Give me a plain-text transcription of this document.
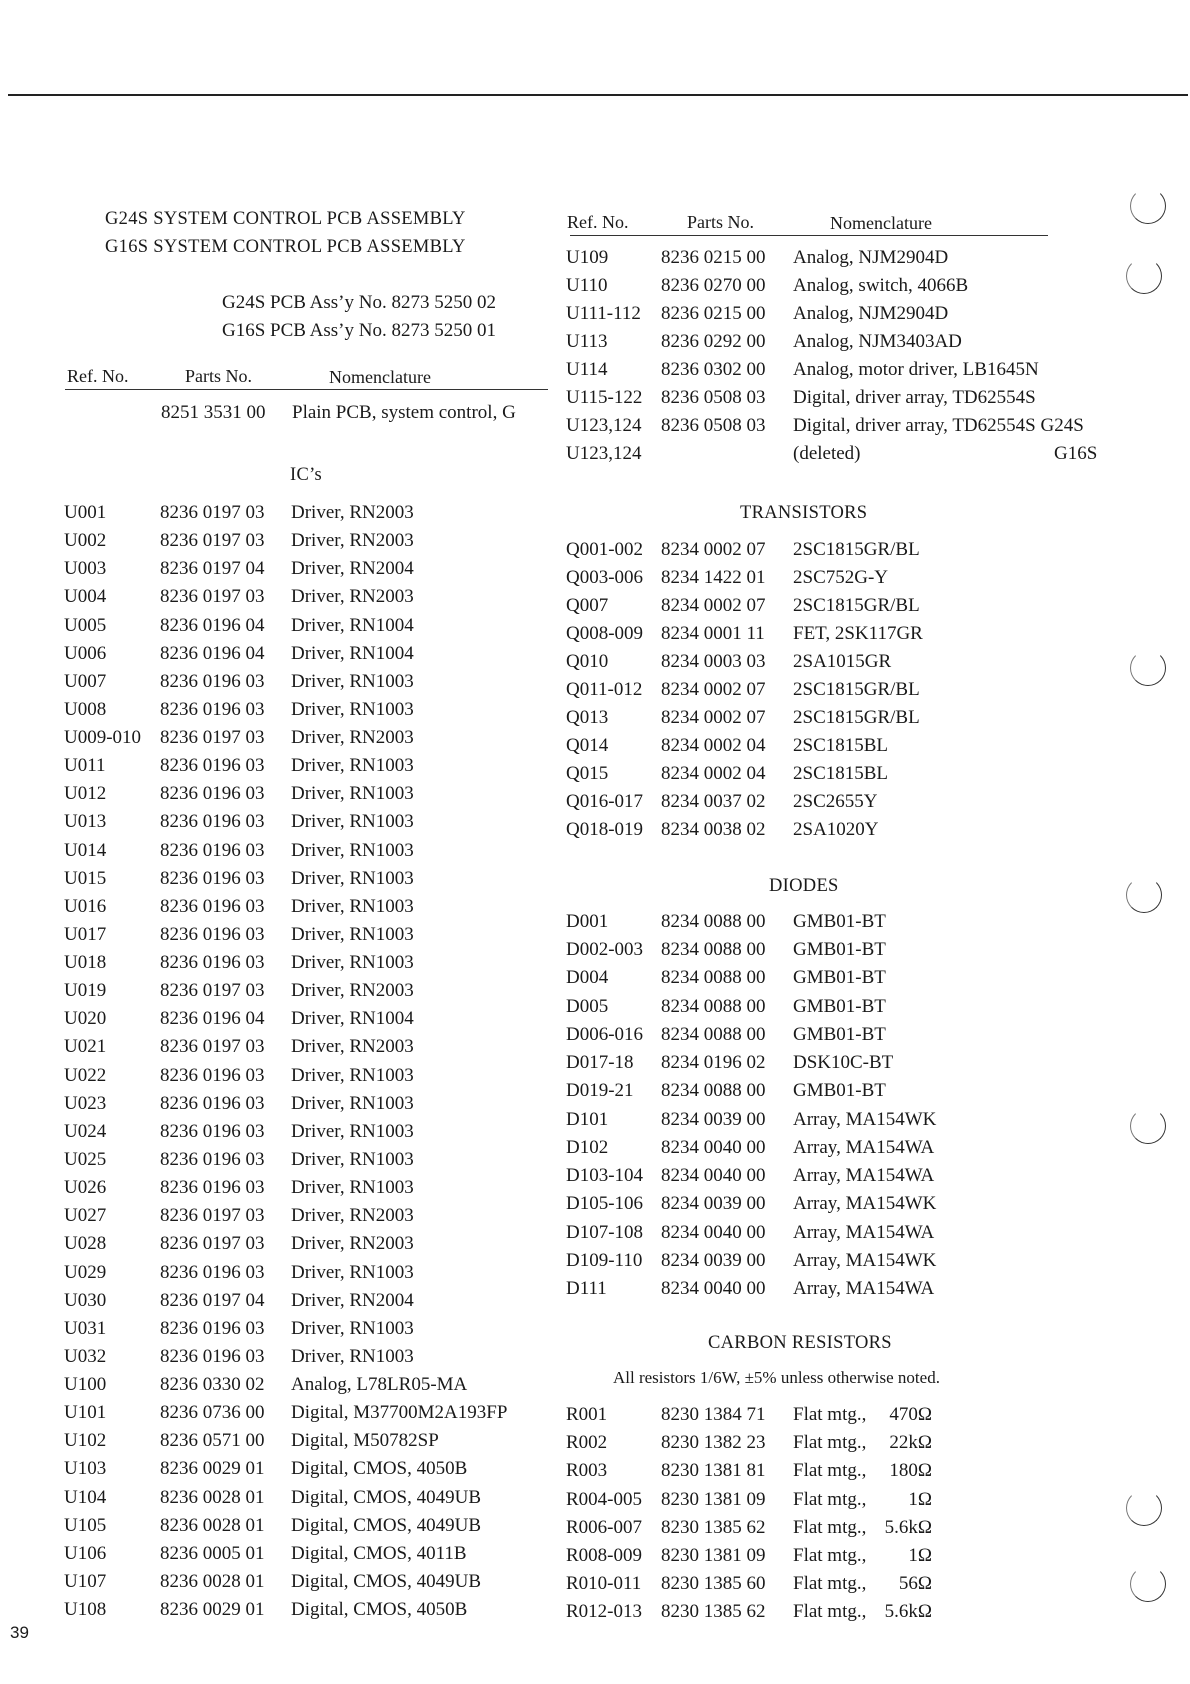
G24S SYSTEM CONTROL PCB ASSEMBLY
G16S SYSTEM CONTROL PCB ASSEMBLY
G24S PCB Ass’y No. 8273 5250 02
G16S PCB Ass’y No. 8273 5250 01
Ref. No.	Parts No.	Nomenclature
8251 3531 00 Plain PCB, system control, G
IC’s
U001	8236 0197 03 Driver, RN2003
U002	8236 0197 03 Driver, RN2003
U003	8236 0197 04 Driver, RN2004
U004	8236 0197 03 Driver, RN2003
U005	8236 0196 04 Driver, RN1004
U006	8236 0196 04 Driver, RN1004
U007	8236 0196 03 Driver, RN1003
U008	8236 0196 03 Driver, RN1003
U009-010 8236 0197 03 Driver, RN2003
U011	8236 0196 03 Driver, RN1003
U012	8236 0196 03 Driver, RN1003
U013	8236 0196 03 Driver, RN1003
U014	8236 0196 03 Driver, RN1003
U015	8236 0196 03 Driver, RN1003
U016	8236 0196 03 Driver, RN1003
U017	8236 0196 03 Driver, RN1003
U018	8236 0196 03 Driver, RN1003
U019	8236 0197 03 Driver, RN2003
U020	8236 0196 04 Driver, RN1004
U021	8236 0197 03 Driver, RN2003
U022	8236 0196 03 Driver, RN1003
U023	8236 0196 03 Driver, RN1003
U024	8236 0196 03 Driver, RN1003
U025	8236 0196 03 Driver, RN1003
U026	8236 0196 03 Driver, RN1003
U027	8236 0197 03 Driver, RN2003
U028	8236 0197 03 Driver, RN2003
U029	8236 0196 03 Driver, RN1003
U030	8236 0197 04 Driver, RN2004
U031	8236 0196 03 Driver, RN1003
U032	8236 0196 03 Driver, RN1003
U100	8236 0330 02 Analog, L78LR05-MA
U101	8236 0736 00 Digital, M37700M2A193FP
U102	8236 0571 00 Digital, M50782SP
U103	8236 0029 01 Digital, CMOS, 4050B
U104	8236 0028 01 Digital, CMOS, 4049UB
U105	8236 0028 01 Digital, CMOS, 4049UB
U106	8236 0005 01 Digital, CMOS, 4011B
U107	8236 0028 01 Digital, CMOS, 4049UB
U108	8236 0029 01 Digital, CMOS, 4050B
Ref. No.	Parts No.	Nomenclature
U109	8236 0215 00 Analog, NJM2904D
U110	8236 0270 00 Analog, switch, 4066B
U111-112 8236 0215 00 Analog, NJM2904D
U113	8236 0292 00 Analog, NJM3403AD
U114	8236 0302 00 Analog, motor driver, LB1645N
U115-122 8236 0508 03 Digital, driver array, TD62554S
U123,124 8236 0508 03 Digital, driver array, TD62554S G24S
U123,124	(deleted)	G16S
TRANSISTORS
Q001-002 8234 0002 07 2SC1815GR/BL
Q003-006 8234 1422 01 2SC752G-Y
Q007	8234 0002 07 2SC1815GR/BL
Q008-009 8234 0001 11 FET, 2SK117GR
Q010	8234 0003 03 2SA1015GR
Q011-012 8234 0002 07 2SC1815GR/BL
Q013	8234 0002 07 2SC1815GR/BL
Q014	8234 0002 04 2SC1815BL
Q015	8234 0002 04 2SC1815BL
Q016-017 8234 0037 02 2SC2655Y
Q018-019 8234 0038 02 2SA1020Y
DIODES
D001	8234 0088 00 GMB01-BT
D002-003 8234 0088 00 GMB01-BT
D004	8234 0088 00 GMB01-BT
D005	8234 0088 00 GMB01-BT
D006-016 8234 0088 00 GMB01-BT
D017-18 8234 0196 02 DSK10C-BT
D019-21 8234 0088 00 GMB01-BT
D101	8234 0039 00 Array, MA154WK
D102	8234 0040 00 Array, MA154WA
D103-104 8234 0040 00 Array, MA154WA
D105-106 8234 0039 00 Array, MA154WK
D107-108 8234 0040 00 Array, MA154WA
D109-110 8234 0039 00 Array, MA154WK
D111	8234 0040 00 Array, MA154WA
CARBON RESISTORS
All resistors 1/6W, ±5% unless otherwise noted.
R001	8230 1384 71 Flat mtg., 470Ω
R002	8230 1382 23 Flat mtg., 22kΩ
R003	8230 1381 81 Flat mtg., 180Ω
R004-005 8230 1381 09 Flat mtg., 1Ω
R006-007 8230 1385 62 Flat mtg., 5.6kΩ
R008-009 8230 1381 09 Flat mtg., 1Ω
R010-011 8230 1385 60 Flat mtg., 56Ω
R012-013 8230 1385 62 Flat mtg., 5.6kΩ
39
